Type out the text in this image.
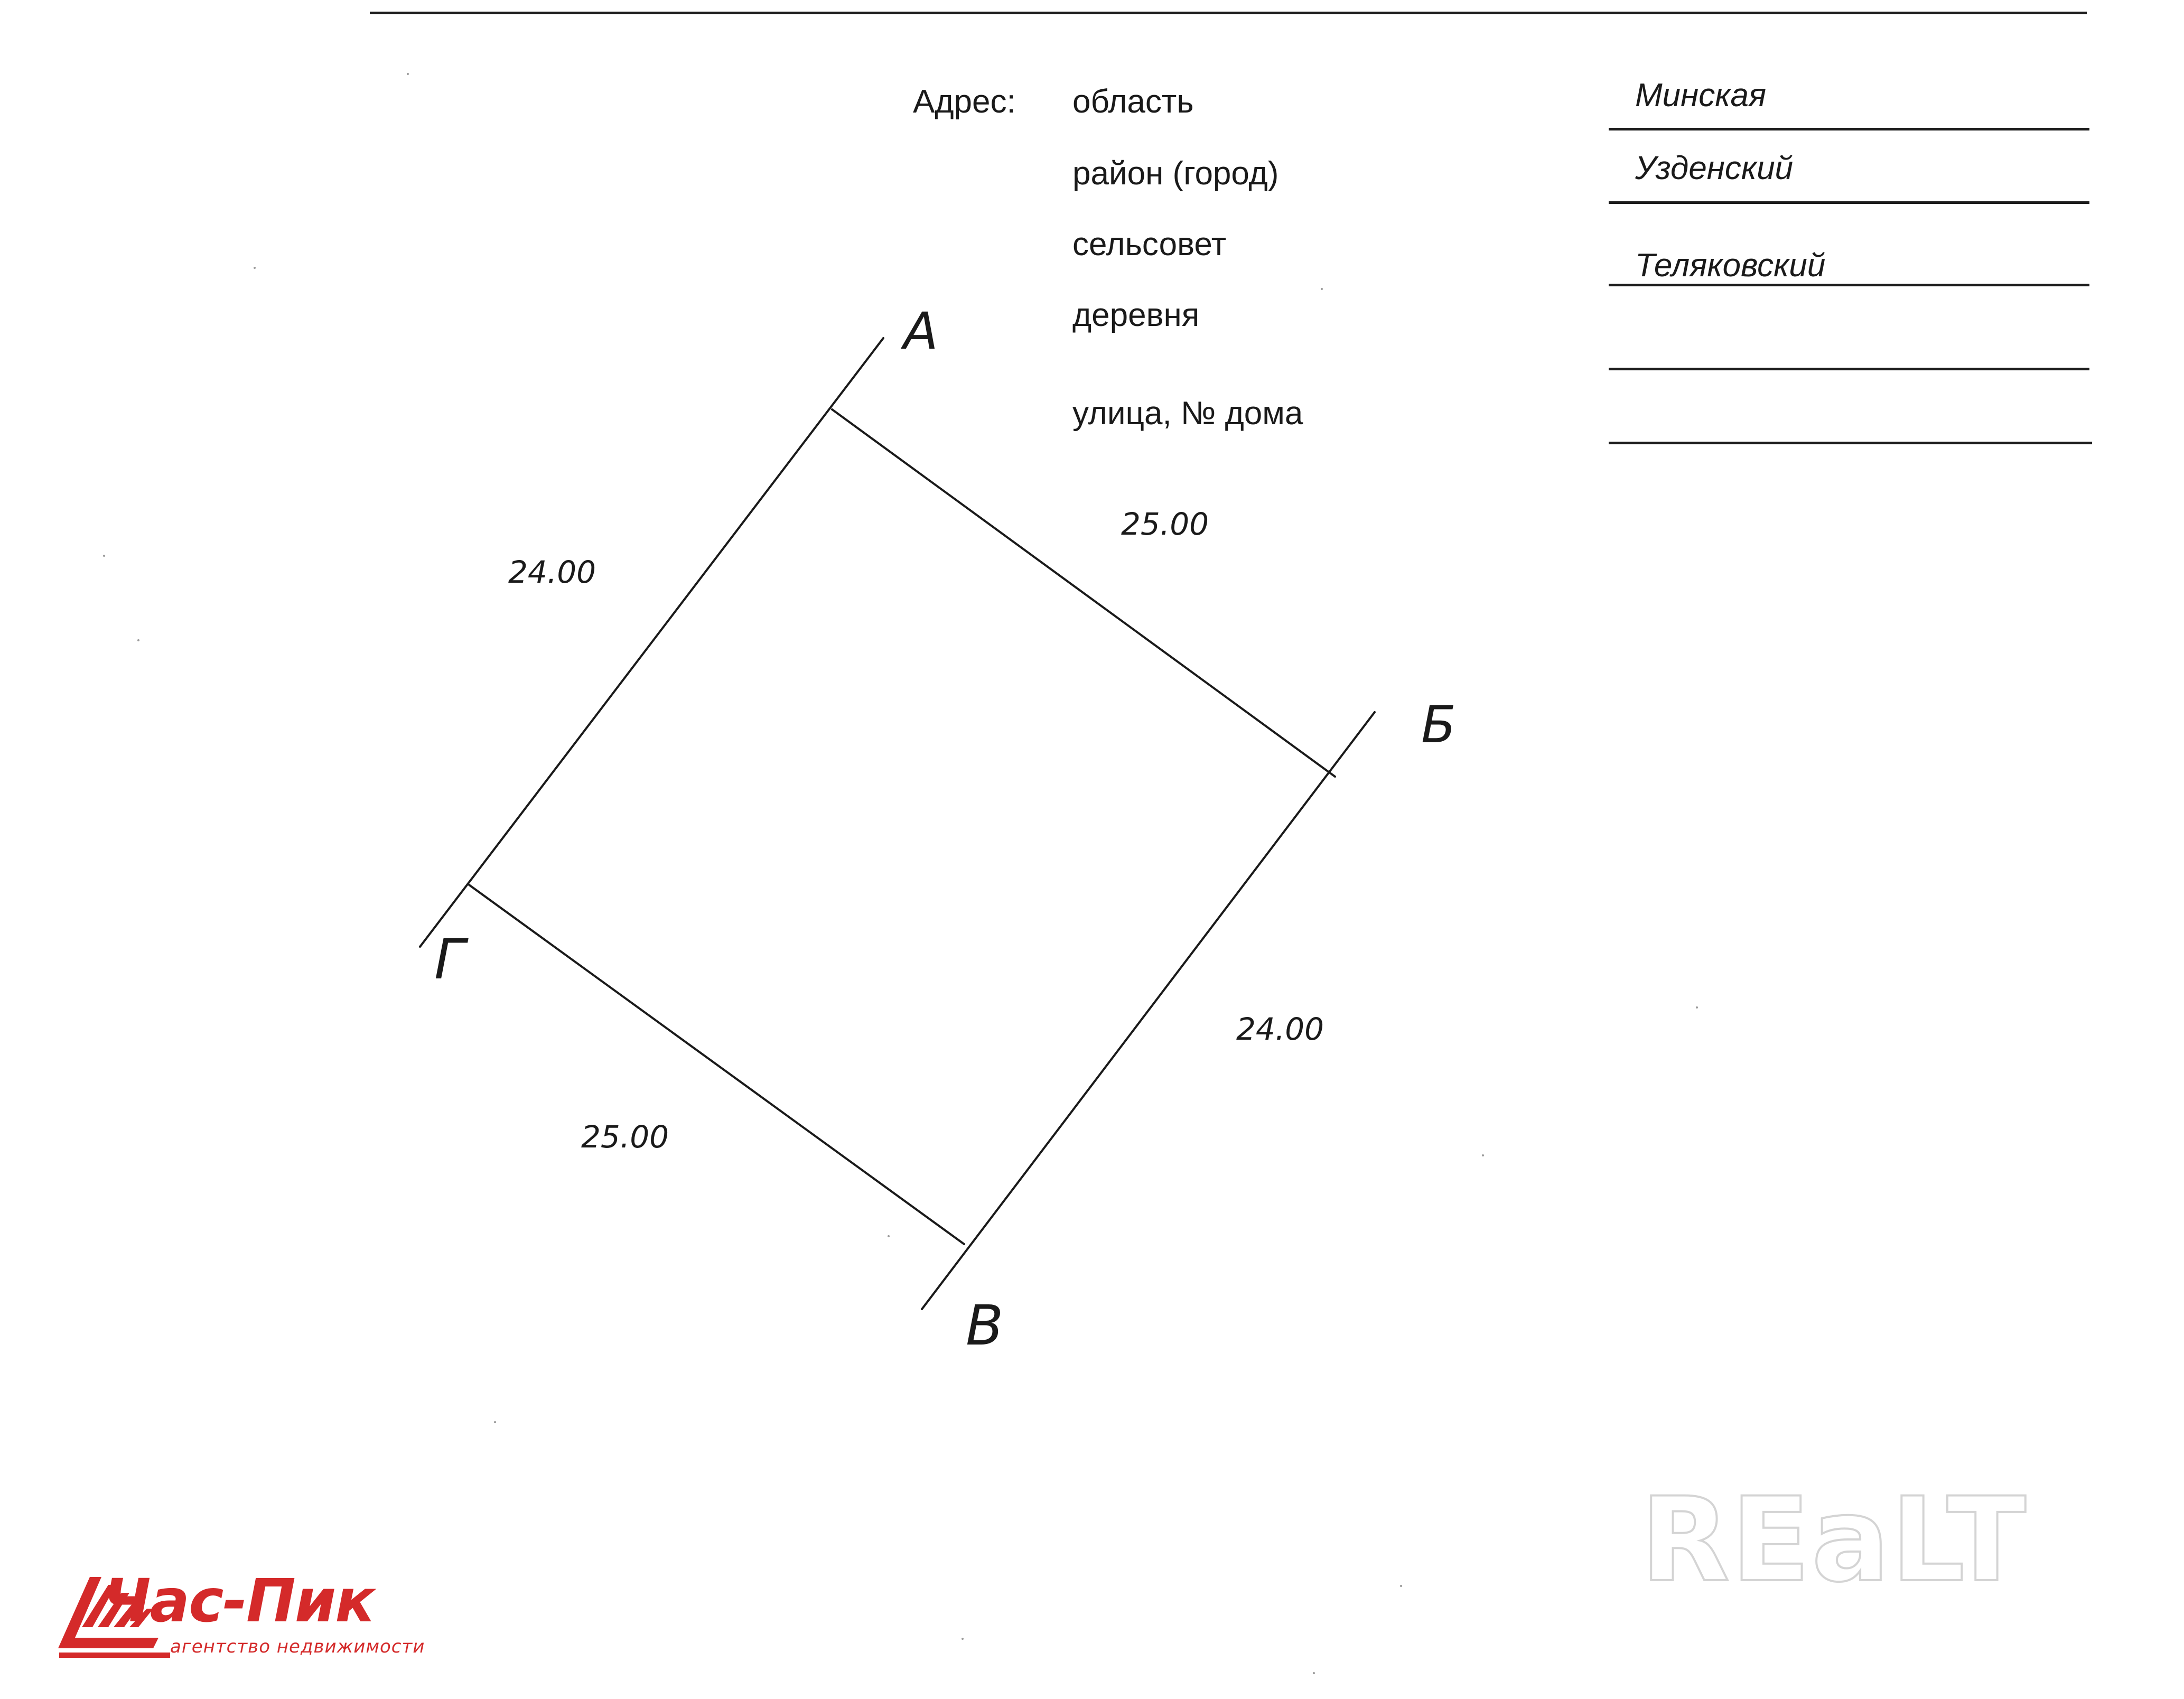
Адрес: область
район (город)
сельсовет
деревня
улица, № дома
Минская
Узденский
Теляковский
А
Б
В
Г
25.00
24.00
24.00
25.00
Час-Пик
агентство недвижимости
REaLT
